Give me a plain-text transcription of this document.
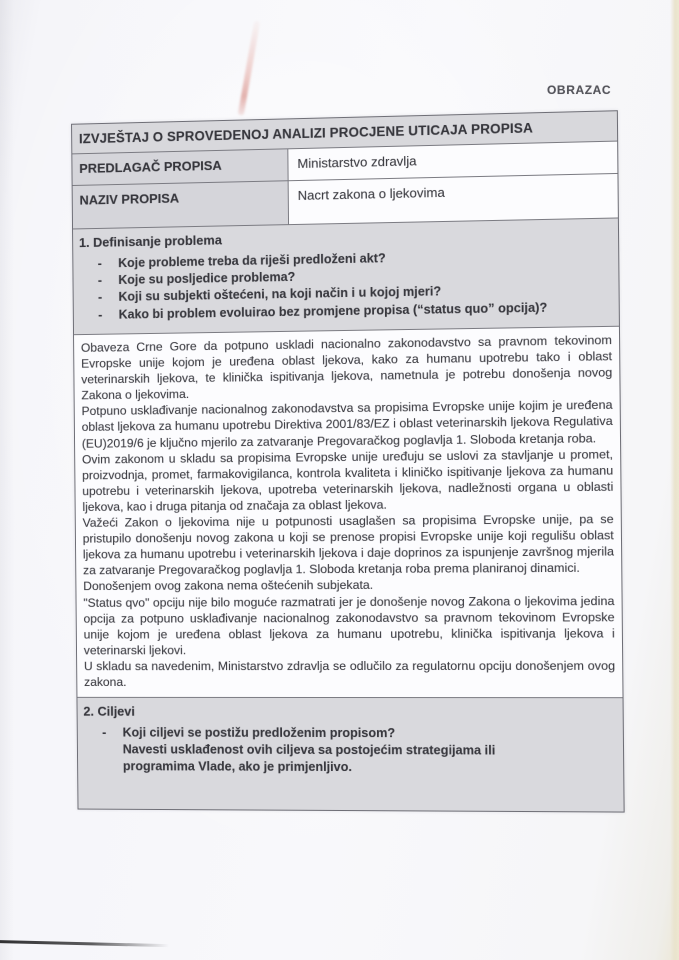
OBRAZAC
IZVJEŠTAJ O SPROVEDENOJ ANALIZI PROCJENE UTICAJA PROPISA
PREDLAGAČ PROPISA	Ministarstvo zdravlja
NAZIV PROPISA	Nacrt zakona o ljekovima
1. Definisanje problema
-	Koje probleme treba da riješi predloženi akt?
-	Koje su posljedice problema?
-	Koji su subjekti oštećeni, na koji način i u kojoj mjeri?
-	Kako bi problem evoluirao bez promjene propisa (“status quo” opcija)?

Obaveza Crne Gore da potpuno uskladi nacionalno zakonodavstvo sa pravnom tekovinom Evropske unije kojom je uređena oblast ljekova, kako za humanu upotrebu tako i oblast veterinarskih ljekova, te klinička ispitivanja ljekova, nametnula je potrebu donošenja novog Zakona o ljekovima.

Potpuno usklađivanje nacionalnog zakonodavstva sa propisima Evropske unije kojim je uređena oblast ljekova za humanu upotrebu Direktiva 2001/83/EZ i oblast veterinarskih ljekova Regulativa (EU)2019/6 je ključno mjerilo za zatvaranje Pregovaračkog poglavlja 1. Sloboda kretanja roba.

Ovim zakonom u skladu sa propisima Evropske unije uređuju se uslovi za stavljanje u promet, proizvodnja, promet, farmakovigilanca, kontrola kvaliteta i kliničko ispitivanje ljekova za humanu upotrebu i veterinarskih ljekova, upotreba veterinarskih ljekova, nadležnosti organa u oblasti ljekova, kao i druga pitanja od značaja za oblast ljekova.

Važeći Zakon o ljekovima nije u potpunosti usaglašen sa propisima Evropske unije, pa se pristupilo donošenju novog zakona u koji se prenose propisi Evropske unije koji regulišu oblast ljekova za humanu upotrebu i veterinarskih ljekova i daje doprinos za ispunjenje završnog mjerila za zatvaranje Pregovaračkog poglavlja 1. Sloboda kretanja roba prema planiranoj dinamici.

Donošenjem ovog zakona nema oštećenih subjekata.

"Status qvo" opciju nije bilo moguće razmatrati jer je donošenje novog Zakona o ljekovima jedina opcija za potpuno usklađivanje nacionalnog zakonodavstvo sa pravnom tekovinom Evropske unije kojom je uređena oblast ljekova za humanu upotrebu, klinička ispitivanja ljekova i veterinarski ljekovi.

U skladu sa navedenim, Ministarstvo zdravlja se odlučilo za regulatornu opciju donošenjem ovog zakona.

2. Ciljevi
-	Koji ciljevi se postižu predloženim propisom?
Navesti usklađenost ovih ciljeva sa postojećim strategijama ili programima Vlade, ako je primjenljivo.
